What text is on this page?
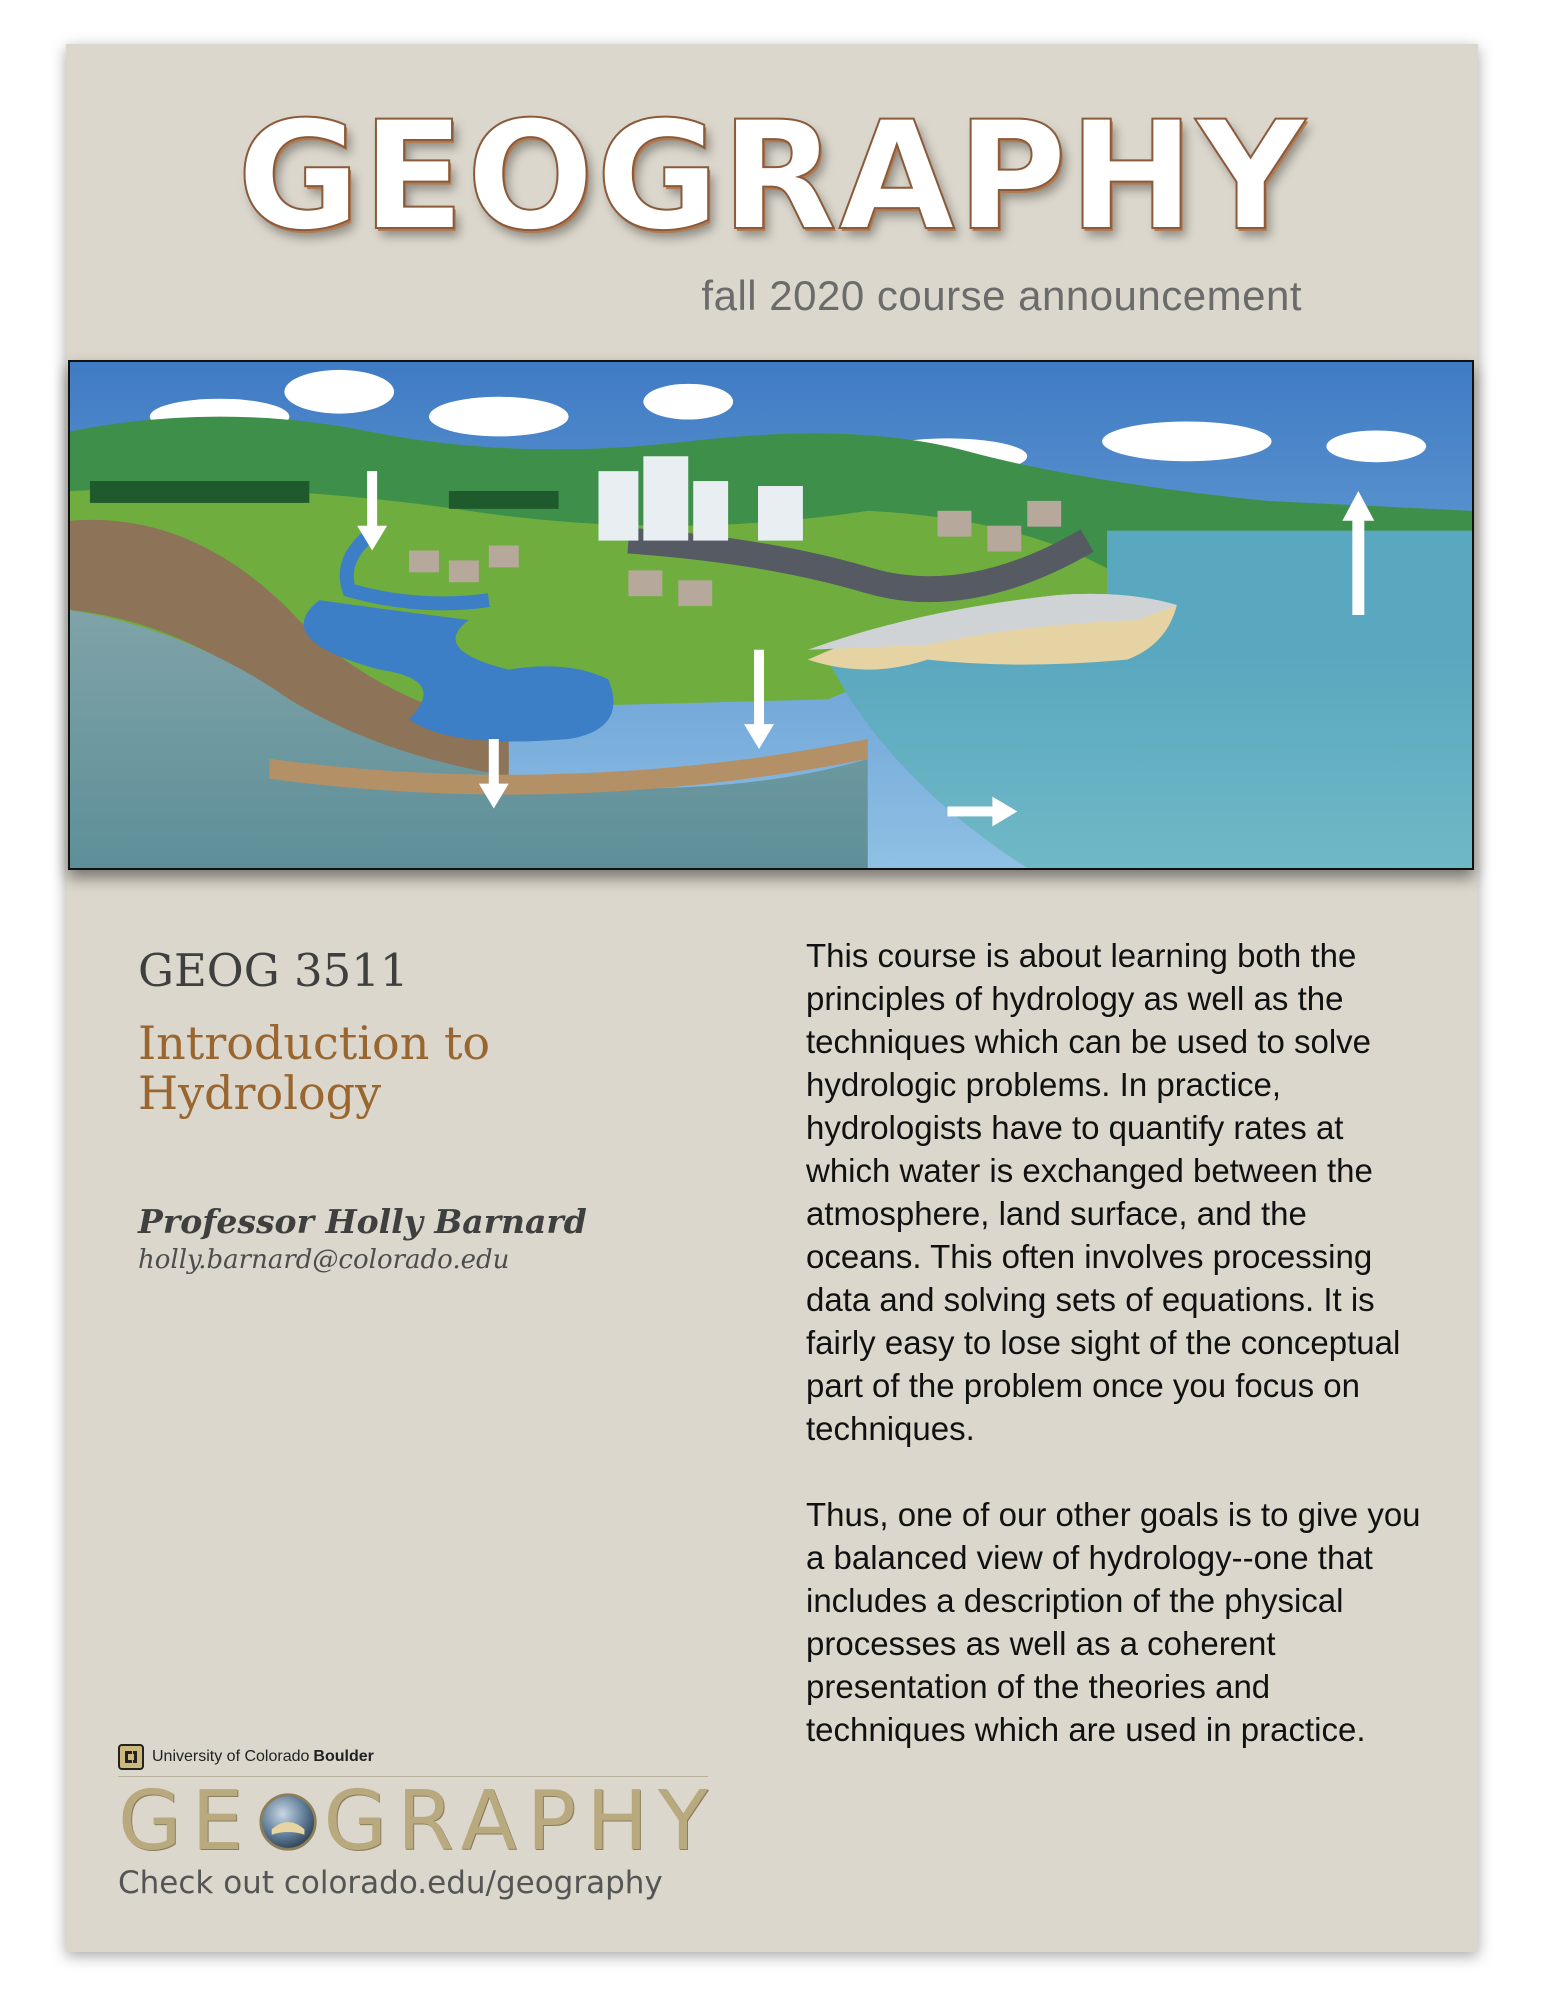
GEOGRAPHY
fall 2020 course announcement
GEOG 3511
Introduction to
Hydrology
Professor Holly Barnard
holly.barnard@colorado.edu

This course is about learning both the principles of hydrology as well as the techniques which can be used to solve hydrologic problems. In practice, hydrologists have to quantify rates at which water is exchanged between the atmosphere, land surface, and the oceans. This often involves processing data and solving sets of equations. It is fairly easy to lose sight of the conceptual part of the problem once you focus on techniques.

Thus, one of our other goals is to give you a balanced view of hydrology--one that includes a description of the physical processes as well as a coherent presentation of the theories and techniques which are used in practice.

University of Colorado Boulder
GE GRAPHY
Check out colorado.edu/geography
